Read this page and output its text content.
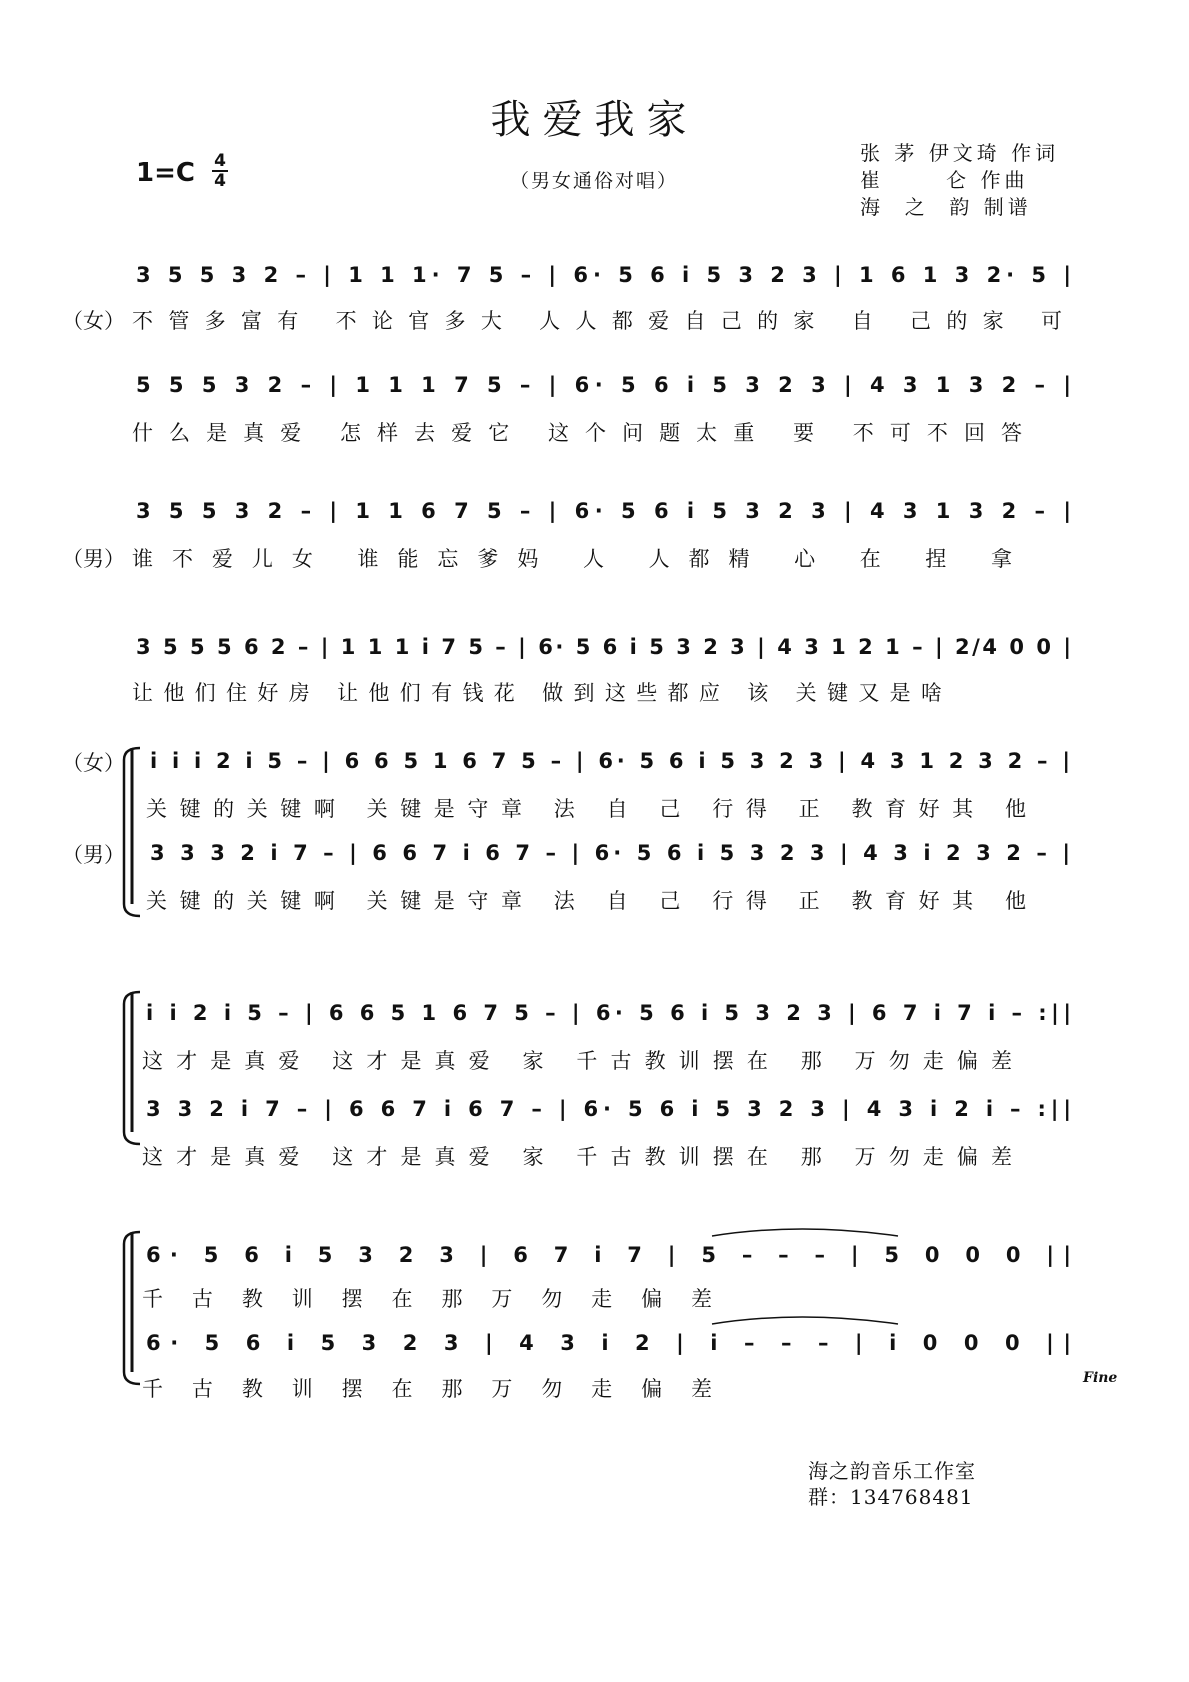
我爱我家
1=C 4
4	（男女通俗对唱）
张 茅 伊文琦 作词
崔      仑 作曲
海  之  韵 制谱
（女）
3 5 5 3 2 – | 1 1 1· 7 5 – | 6· 5 6 i 5 3 2 3 | 1 6 1 3 2· 5 |
不管多富有 不论官多大 人人都爱自己的家 自 己的家 可
5 5 5 3 2 – | 1 1 1 7 5 – | 6· 5 6 i 5 3 2 3 | 4 3 1 3 2 – |
什么是真爱 怎样去爱它 这个问题太重 要 不可不回答
（男）
3 5 5 3 2 – | 1 1 6 7 5 – | 6· 5 6 i 5 3 2 3 | 4 3 1 3 2 – |
谁不爱儿女 谁能忘爹妈 人 人都精 心 在 捏 拿
3 5 5 5 6 2 – | 1 1 1 i 7 5 – | 6· 5 6 i 5 3 2 3 | 4 3 1 2 1 – | 2/4 0 0 |
让他们住好房 让他们有钱花 做到这些都应 该 关键又是啥
（女）
（男）
i i i 2 i 5 – | 6 6 5 1 6 7 5 – | 6· 5 6 i 5 3 2 3 | 4 3 1 2 3 2 – |
关键的关键啊 关键是守章 法 自 己 行得 正 教育好其 他
3 3 3 2 i 7 – | 6 6 7 i 6 7 – | 6· 5 6 i 5 3 2 3 | 4 3 i 2 3 2 – |
关键的关键啊 关键是守章 法 自 己 行得 正 教育好其 他
i i 2 i 5 – | 6 6 5 1 6 7 5 – | 6· 5 6 i 5 3 2 3 | 6 7 i 7 i – :||
这才是真爱 这才是真爱 家 千古教训摆在 那 万勿走偏差
3 3 2 i 7 – | 6 6 7 i 6 7 – | 6· 5 6 i 5 3 2 3 | 4 3 i 2 i – :||
这才是真爱 这才是真爱 家 千古教训摆在 那 万勿走偏差
6· 5 6 i 5 3 2 3 | 6 7 i 7 | 5 – – – | 5 0 0 0 ||
千 古 教 训 摆 在 那 万 勿 走 偏 差
6· 5 6 i 5 3 2 3 | 4 3 i 2 | i – – – | i 0 0 0 ||
千 古 教 训 摆 在 那 万 勿 走 偏 差	Fine
海之韵音乐工作室
群：134768481
